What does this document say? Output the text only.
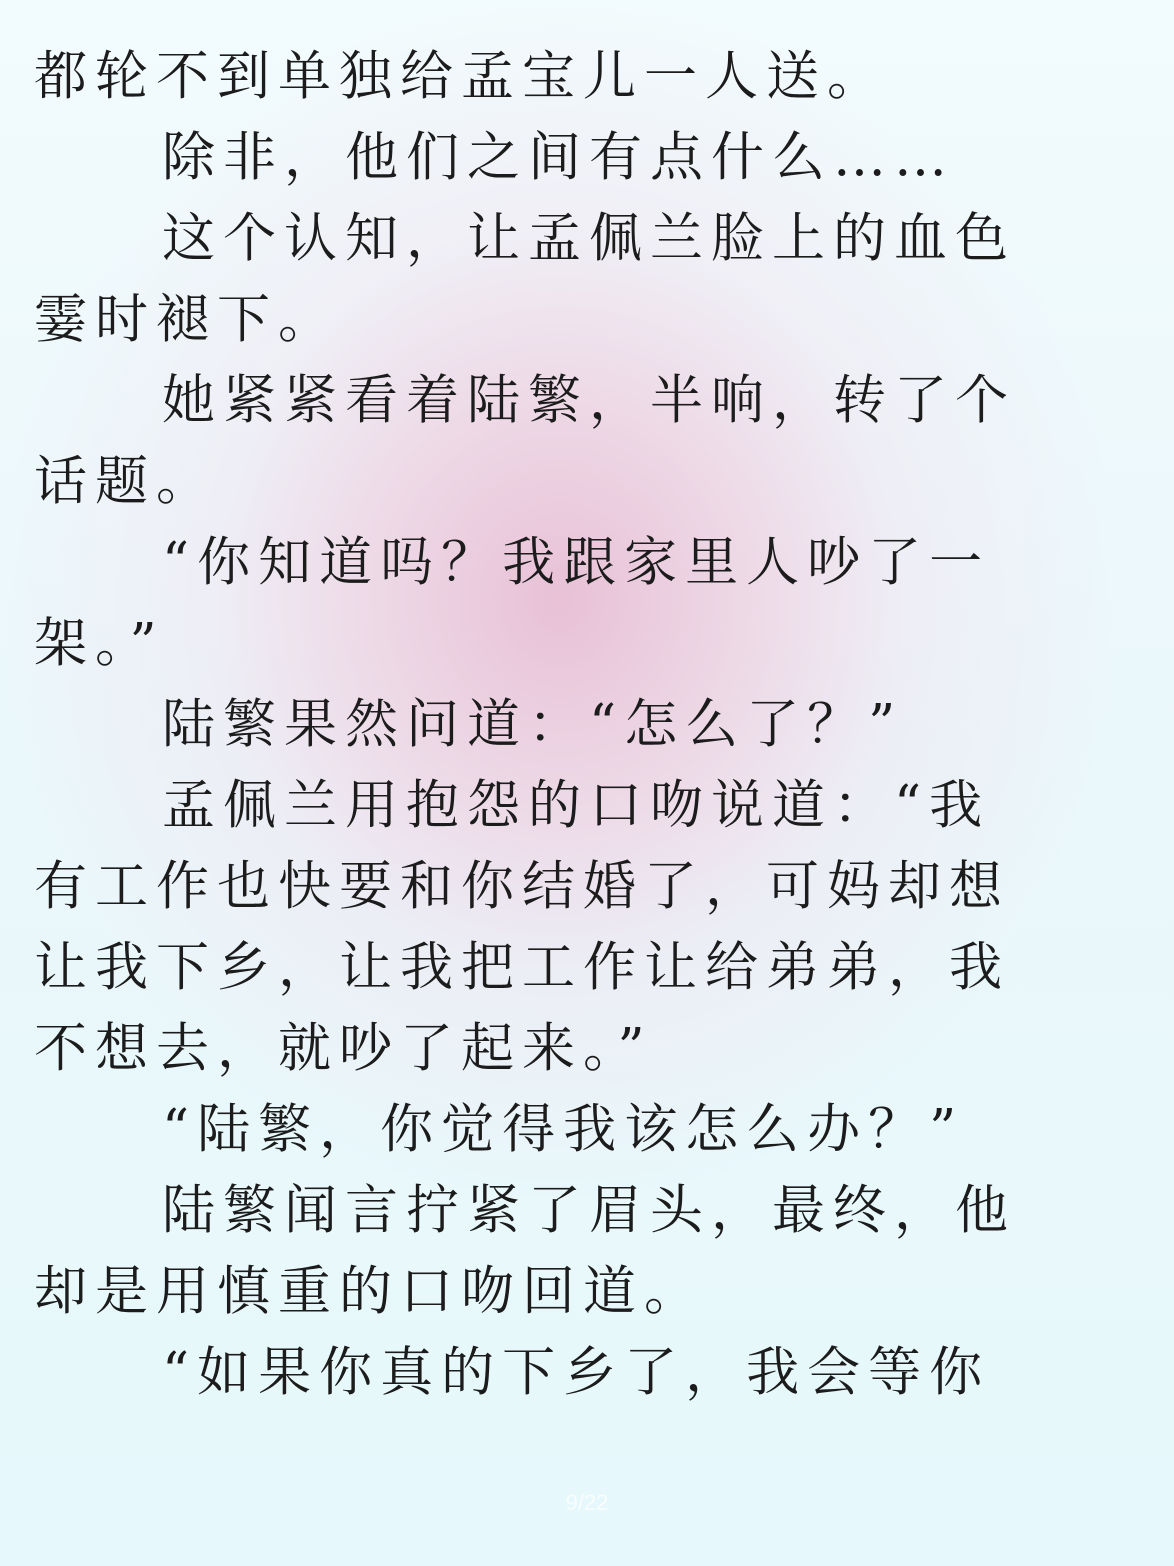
都轮不到单独给孟宝儿一人送。
除非，他们之间有点什么……
这个认知，让孟佩兰脸上的血色
霎时褪下。
她紧紧看着陆繁，半响，转了个
话题。
“你知道吗？我跟家里人吵了一
架。”
陆繁果然问道：“怎么了？”
孟佩兰用抱怨的口吻说道：“我
有工作也快要和你结婚了，可妈却想
让我下乡，让我把工作让给弟弟，我
不想去，就吵了起来。”
“陆繁，你觉得我该怎么办？”
陆繁闻言拧紧了眉头，最终，他
却是用慎重的口吻回道。
“如果你真的下乡了，我会等你
9/22
